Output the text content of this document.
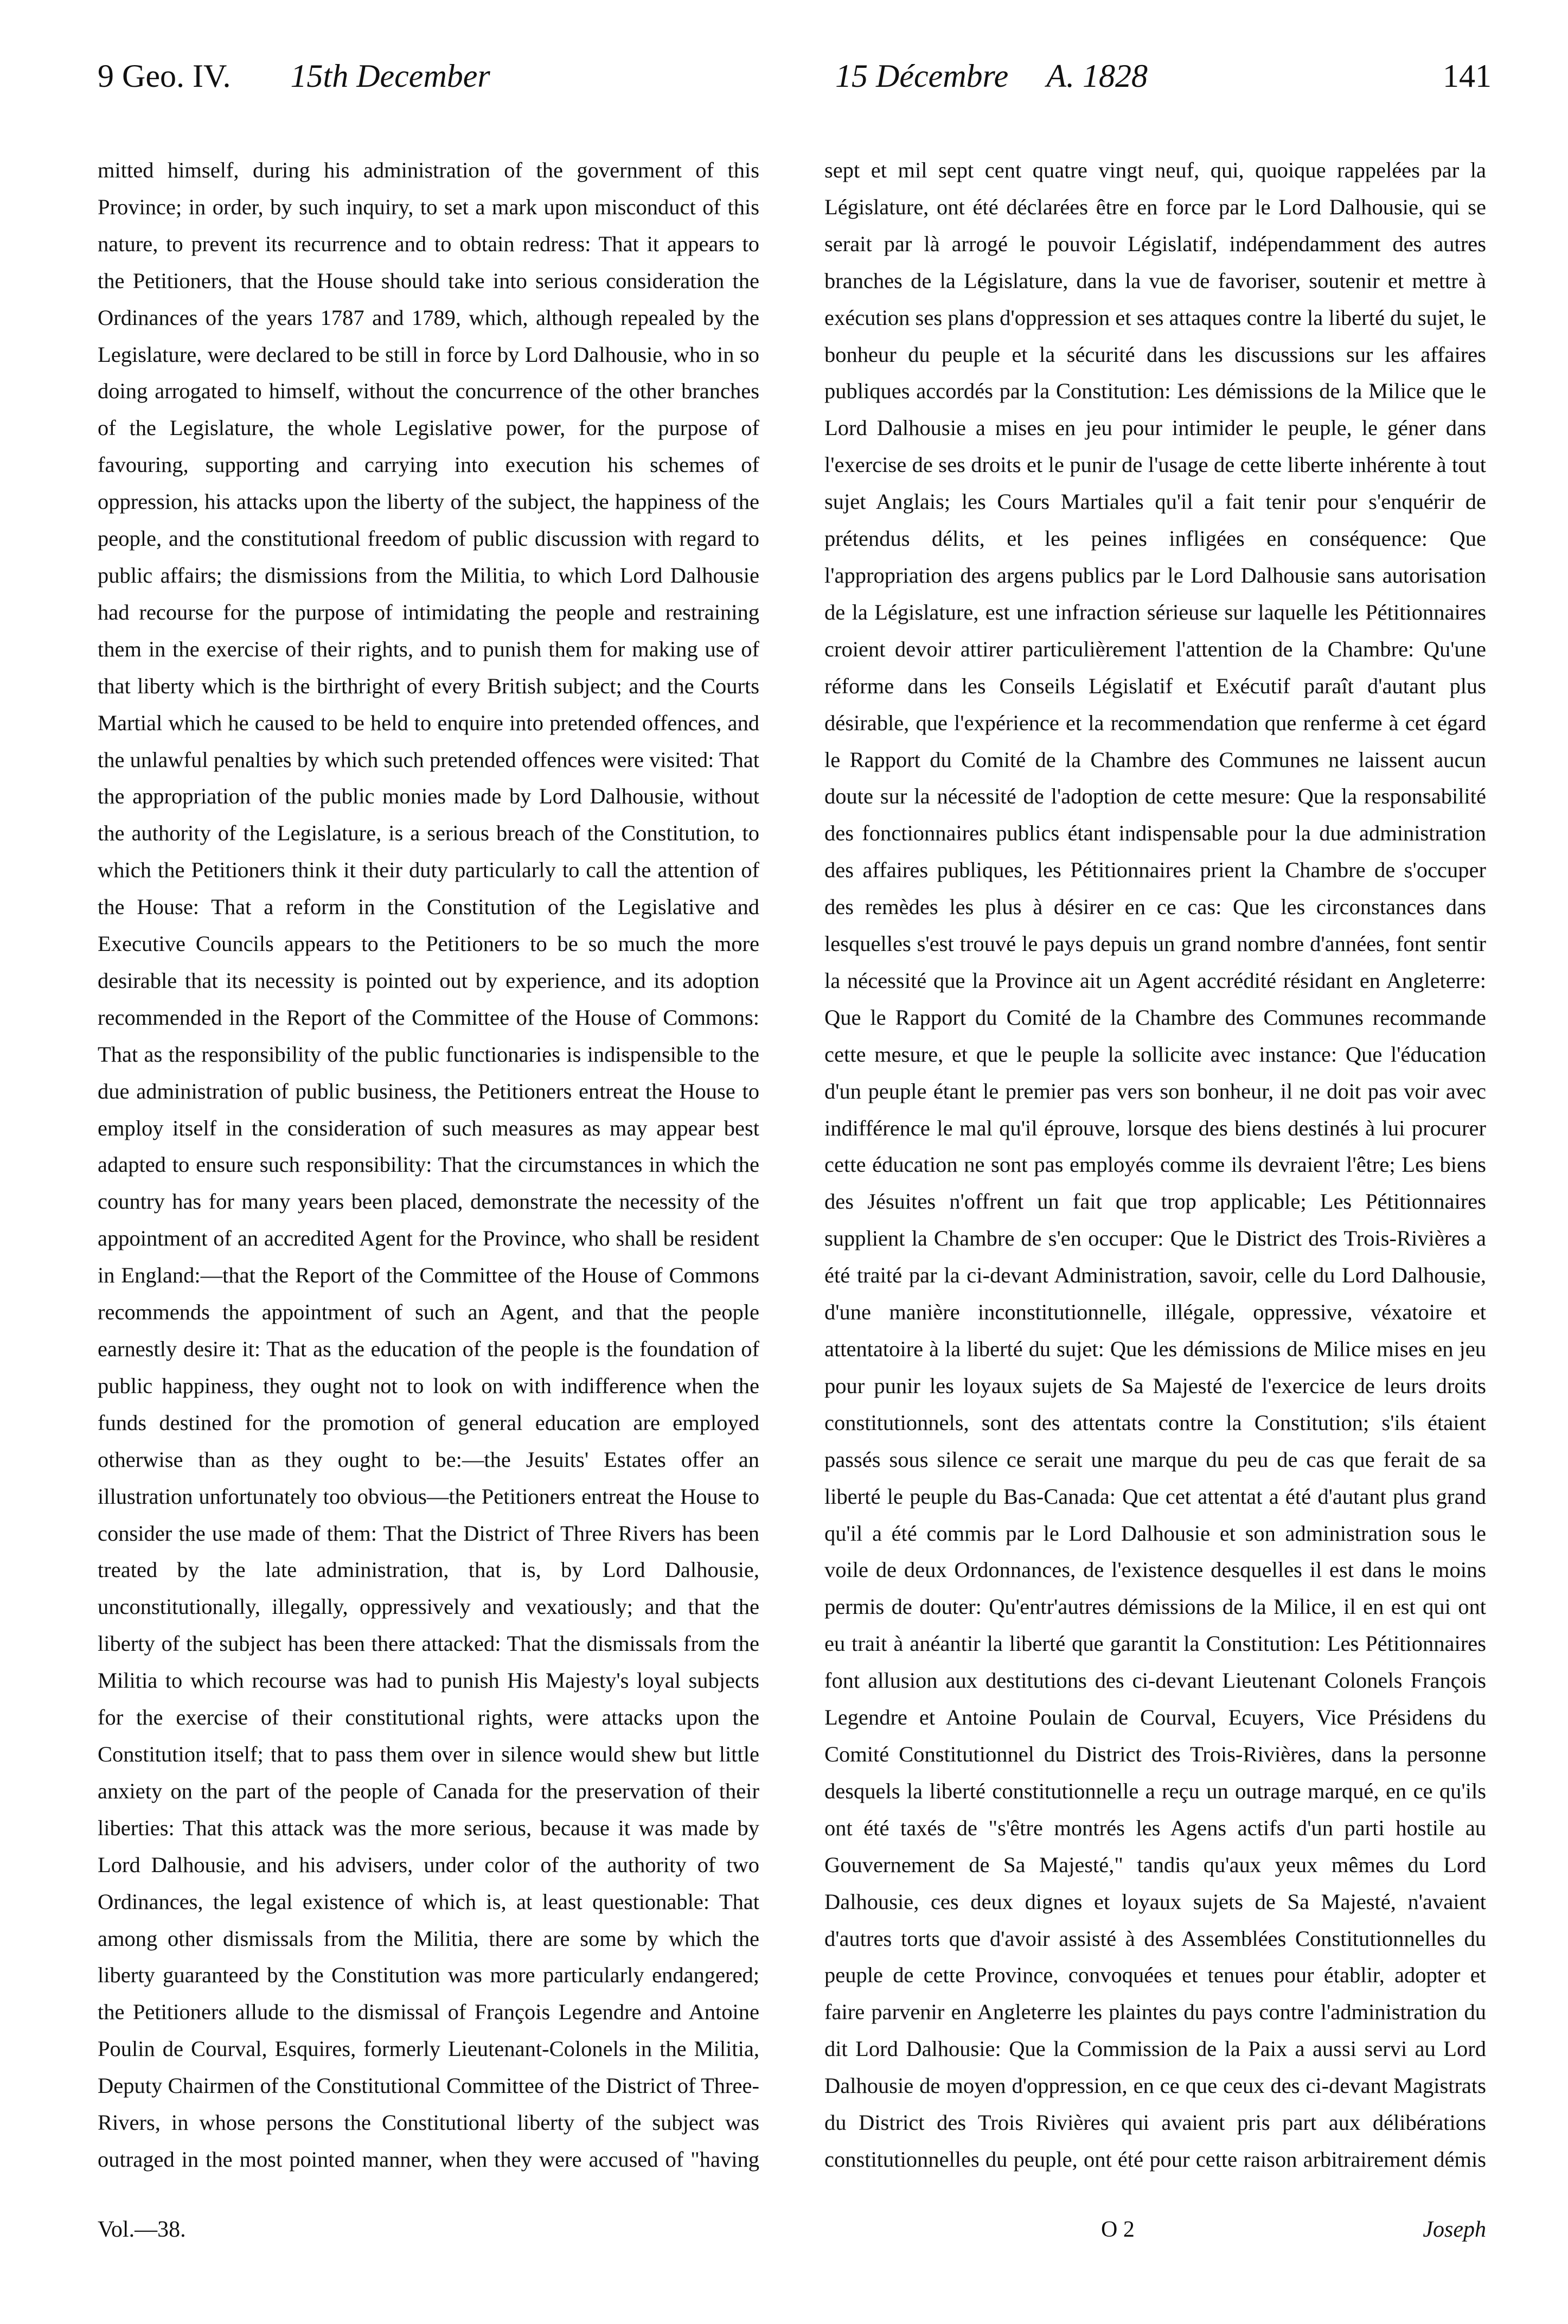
9 Geo. IV. 15th December	15 Décembre A. 1828	141

mitted himself, during his administration of the government of this Province; in order, by such inquiry, to set a mark upon misconduct of this nature, to prevent its recurrence and to obtain redress: That it appears to the Petitioners, that the House should take into serious consideration the Ordinances of the years 1787 and 1789, which, although repealed by the Legislature, were declared to be still in force by Lord Dalhousie, who in so doing arrogated to himself, without the concurrence of the other branches of the Legislature, the whole Legislative power, for the purpose of favouring, supporting and carrying into execution his schemes of oppression, his attacks upon the liberty of the subject, the happiness of the people, and the constitutional freedom of public discussion with regard to public affairs; the dismissions from the Militia, to which Lord Dalhousie had recourse for the purpose of intimidating the people and restraining them in the exercise of their rights, and to punish them for making use of that liberty which is the birthright of every British subject; and the Courts Martial which he caused to be held to enquire into pretended offences, and the unlawful penalties by which such pretended offences were visited: That the appropriation of the public monies made by Lord Dalhousie, without the authority of the Legislature, is a serious breach of the Constitution, to which the Petitioners think it their duty particularly to call the attention of the House: That a reform in the Constitution of the Legislative and Executive Councils appears to the Petitioners to be so much the more desirable that its necessity is pointed out by experience, and its adoption recommended in the Report of the Committee of the House of Commons: That as the responsibility of the public functionaries is indispensible to the due administration of public business, the Petitioners entreat the House to employ itself in the consideration of such measures as may appear best adapted to ensure such responsibility: That the circumstances in which the country has for many years been placed, demonstrate the necessity of the appointment of an accredited Agent for the Province, who shall be resident in England:—that the Report of the Committee of the House of Commons recommends the appointment of such an Agent, and that the people earnestly desire it: That as the education of the people is the foundation of public happiness, they ought not to look on with indifference when the funds destined for the promotion of general education are employed otherwise than as they ought to be:—the Jesuits' Estates offer an illustration unfortunately too obvious—the Petitioners entreat the House to consider the use made of them: That the District of Three Rivers has been treated by the late administration, that is, by Lord Dalhousie, unconstitutionally, illegally, oppressively and vexatiously; and that the liberty of the subject has been there attacked: That the dismissals from the Militia to which recourse was had to punish His Majesty's loyal subjects for the exercise of their constitutional rights, were attacks upon the Constitution itself; that to pass them over in silence would shew but little anxiety on the part of the people of Canada for the preservation of their liberties: That this attack was the more serious, because it was made by Lord Dalhousie, and his advisers, under color of the authority of two Ordinances, the legal existence of which is, at least questionable: That among other dismissals from the Militia, there are some by which the liberty guaranteed by the Constitution was more particularly endangered; the Petitioners allude to the dismissal of François Legendre and Antoine Poulin de Courval, Esquires, formerly Lieutenant-Colonels in the Militia, Deputy Chairmen of the Constitutional Committee of the District of Three-Rivers, in whose persons the Constitutional liberty of the subject was outraged in the most pointed manner, when they were accused of "having

sept et mil sept cent quatre vingt neuf, qui, quoique rappelées par la Législature, ont été déclarées être en force par le Lord Dalhousie, qui se serait par là arrogé le pouvoir Législatif, indépendamment des autres branches de la Législature, dans la vue de favoriser, soutenir et mettre à exécution ses plans d'oppression et ses attaques contre la liberté du sujet, le bonheur du peuple et la sécurité dans les discussions sur les affaires publiques accordés par la Constitution: Les démissions de la Milice que le Lord Dalhousie a mises en jeu pour intimider le peuple, le géner dans l'exercise de ses droits et le punir de l'usage de cette liberte inhérente à tout sujet Anglais; les Cours Martiales qu'il a fait tenir pour s'enquérir de prétendus délits, et les peines infligées en conséquence: Que l'appropriation des argens publics par le Lord Dalhousie sans autorisation de la Législature, est une infraction sérieuse sur laquelle les Pétitionnaires croient devoir attirer particulièrement l'attention de la Chambre: Qu'une réforme dans les Conseils Législatif et Exécutif paraît d'autant plus désirable, que l'expérience et la recommendation que renferme à cet égard le Rapport du Comité de la Chambre des Communes ne laissent aucun doute sur la nécessité de l'adoption de cette mesure: Que la responsabilité des fonctionnaires publics étant indispensable pour la due administration des affaires publiques, les Pétitionnaires prient la Chambre de s'occuper des remèdes les plus à désirer en ce cas: Que les circonstances dans lesquelles s'est trouvé le pays depuis un grand nombre d'années, font sentir la nécessité que la Province ait un Agent accrédité résidant en Angleterre: Que le Rapport du Comité de la Chambre des Communes recommande cette mesure, et que le peuple la sollicite avec instance: Que l'éducation d'un peuple étant le premier pas vers son bonheur, il ne doit pas voir avec indifférence le mal qu'il éprouve, lorsque des biens destinés à lui procurer cette éducation ne sont pas employés comme ils devraient l'être; Les biens des Jésuites n'offrent un fait que trop applicable; Les Pétitionnaires supplient la Chambre de s'en occuper: Que le District des Trois-Rivières a été traité par la ci-devant Administration, savoir, celle du Lord Dalhousie, d'une manière inconstitutionnelle, illégale, oppressive, véxatoire et attentatoire à la liberté du sujet: Que les démissions de Milice mises en jeu pour punir les loyaux sujets de Sa Majesté de l'exercice de leurs droits constitutionnels, sont des attentats contre la Constitution; s'ils étaient passés sous silence ce serait une marque du peu de cas que ferait de sa liberté le peuple du Bas-Canada: Que cet attentat a été d'autant plus grand qu'il a été commis par le Lord Dalhousie et son administration sous le voile de deux Ordonnances, de l'existence desquelles il est dans le moins permis de douter: Qu'entr'autres démissions de la Milice, il en est qui ont eu trait à anéantir la liberté que garantit la Constitution: Les Pétitionnaires font allusion aux destitutions des ci-devant Lieutenant Colonels François Legendre et Antoine Poulain de Courval, Ecuyers, Vice Présidens du Comité Constitutionnel du District des Trois-Rivières, dans la personne desquels la liberté constitutionnelle a reçu un outrage marqué, en ce qu'ils ont été taxés de "s'être montrés les Agens actifs d'un parti hostile au Gouvernement de Sa Majesté," tandis qu'aux yeux mêmes du Lord Dalhousie, ces deux dignes et loyaux sujets de Sa Majesté, n'avaient d'autres torts que d'avoir assisté à des Assemblées Constitutionnelles du peuple de cette Province, convoquées et tenues pour établir, adopter et faire parvenir en Angleterre les plaintes du pays contre l'administration du dit Lord Dalhousie: Que la Commission de la Paix a aussi servi au Lord Dalhousie de moyen d'oppression, en ce que ceux des ci-devant Magistrats du District des Trois Rivières qui avaient pris part aux délibérations constitutionnelles du peuple, ont été pour cette raison arbitrairement démis

Vol.—38.	O 2	Joseph
